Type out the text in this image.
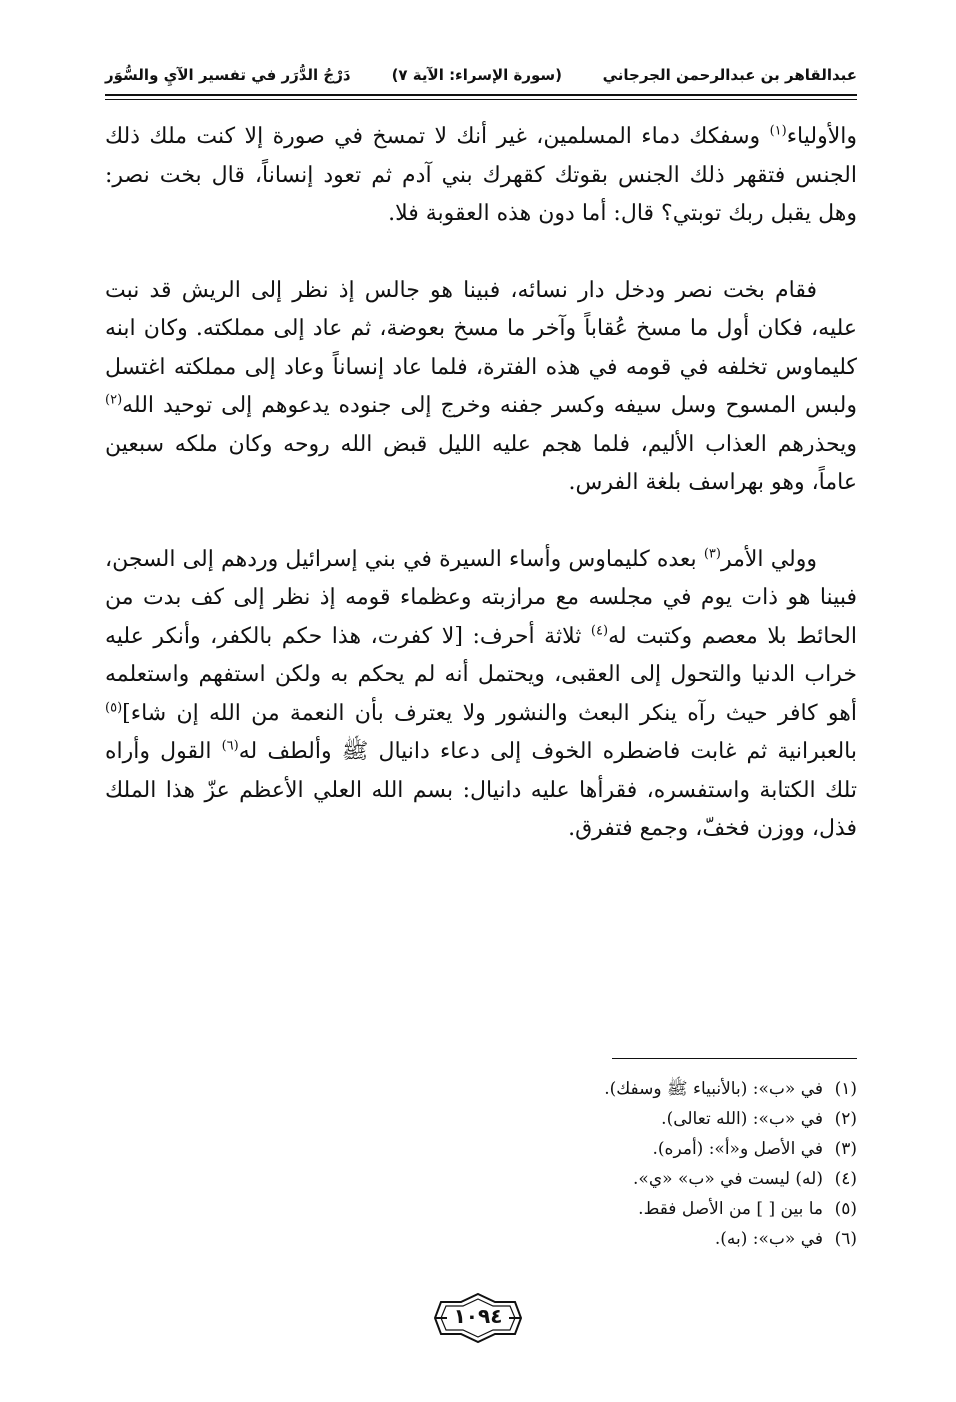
عبدالقاهر بن عبدالرحمن الجرجاني
(سورة الإسراء: الآية ٧)
دَرْجُ الدُّرَر في تفسير الآيِ والسُّوَر

والأولياء$^{(١)}$ وسفكك دماء المسلمين، غير أنك لا تمسخ في صورة إلا كنت ملك ذلك الجنس فتقهر ذلك الجنس بقوتك كقهرك بني آدم ثم تعود إنساناً، قال بخت نصر: وهل يقبل ربك توبتي؟ قال: أما دون هذه العقوبة فلا.

فقام بخت نصر ودخل دار نسائه، فبينا هو جالس إذ نظر إلى الريش قد نبت عليه، فكان أول ما مسخ عُقاباً وآخر ما مسخ بعوضة، ثم عاد إلى مملكته. وكان ابنه كليماوس تخلفه في قومه في هذه الفترة، فلما عاد إنساناً وعاد إلى مملكته اغتسل ولبس المسوح وسل سيفه وكسر جفنه وخرج إلى جنوده يدعوهم إلى توحيد الله$^{(٢)}$ ويحذرهم العذاب الأليم، فلما هجم عليه الليل قبض الله روحه وكان ملكه سبعين عاماً، وهو بهراسف بلغة الفرس.

وولي الأمر$^{(٣)}$ بعده كليماوس وأساء السيرة في بني إسرائيل وردهم إلى السجن، فبينا هو ذات يوم في مجلسه مع مرازبته وعظماء قومه إذ نظر إلى كف بدت من الحائط بلا معصم وكتبت له$^{(٤)}$ ثلاثة أحرف: [لا كفرت، هذا حكم بالكفر، وأنكر عليه خراب الدنيا والتحول إلى العقبى، ويحتمل أنه لم يحكم به ولكن استفهم واستعلمه أهو كافر حيث رآه ينكر البعث والنشور ولا يعترف بأن النعمة من الله إن شاء]$^{(٥)}$ بالعبرانية ثم غابت فاضطره الخوف إلى دعاء دانيال ﷺ وألطف له$^{(٦)}$ القول وأراه تلك الكتابة واستفسره، فقرأها عليه دانيال: بسم الله العلي الأعظم عزّ هذا الملك فذل، ووزن فخفّ، وجمع فتفرق.

(١)في «ب»: (بالأنبياء ﷺ وسفك).
(٢)في «ب»: (الله تعالى).
(٣)في الأصل و«أ»: (أمره).
(٤)(له) ليست في «ب» «ي».
(٥)ما بين [ ] من الأصل فقط.
(٦)في «ب»: (به).
١٠٩٤
